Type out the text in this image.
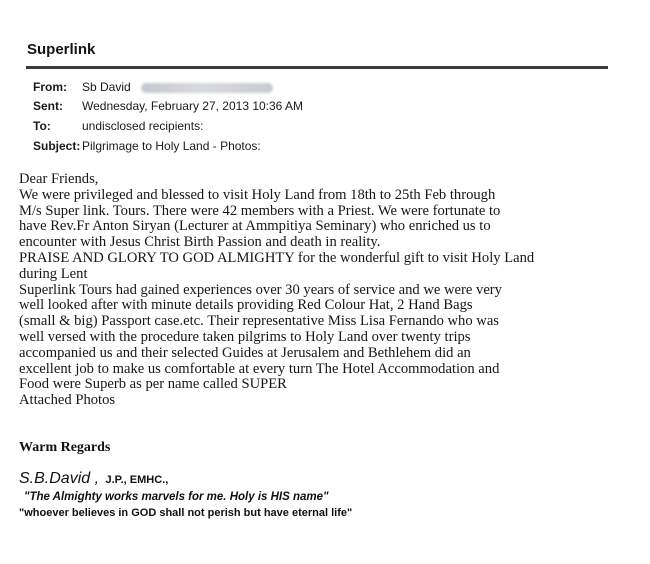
Superlink
From: Sb David
Sent: Wednesday, February 27, 2013 10:36 AM
To:	undisclosed recipients:
Subject: Pilgrimage to Holy Land - Photos:
Dear Friends,
We were privileged and blessed to visit Holy Land from 18th to 25th Feb through
M/s Super link. Tours. There were 42 members with a Priest. We were fortunate to
have Rev.Fr Anton Siryan (Lecturer at Ammpitiya Seminary) who enriched us to
encounter with Jesus Christ Birth Passion and death in reality.
PRAISE AND GLORY TO GOD ALMIGHTY for the wonderful gift to visit Holy Land
during Lent
Superlink Tours had gained experiences over 30 years of service and we were very
well looked after with minute details providing Red Colour Hat, 2 Hand Bags
(small & big) Passport case.etc. Their representative Miss Lisa Fernando who was
well versed with the procedure taken pilgrims to Holy Land over twenty trips
accompanied us and their selected Guides at Jerusalem and Bethlehem did an
excellent job to make us comfortable at every turn The Hotel Accommodation and
Food were Superb as per name called SUPER
Attached Photos
Warm Regards
S.B.David , J.P., EMHC.,
"The Almighty works marvels for me. Holy is HIS name"
"whoever believes in GOD shall not perish but have eternal life"
